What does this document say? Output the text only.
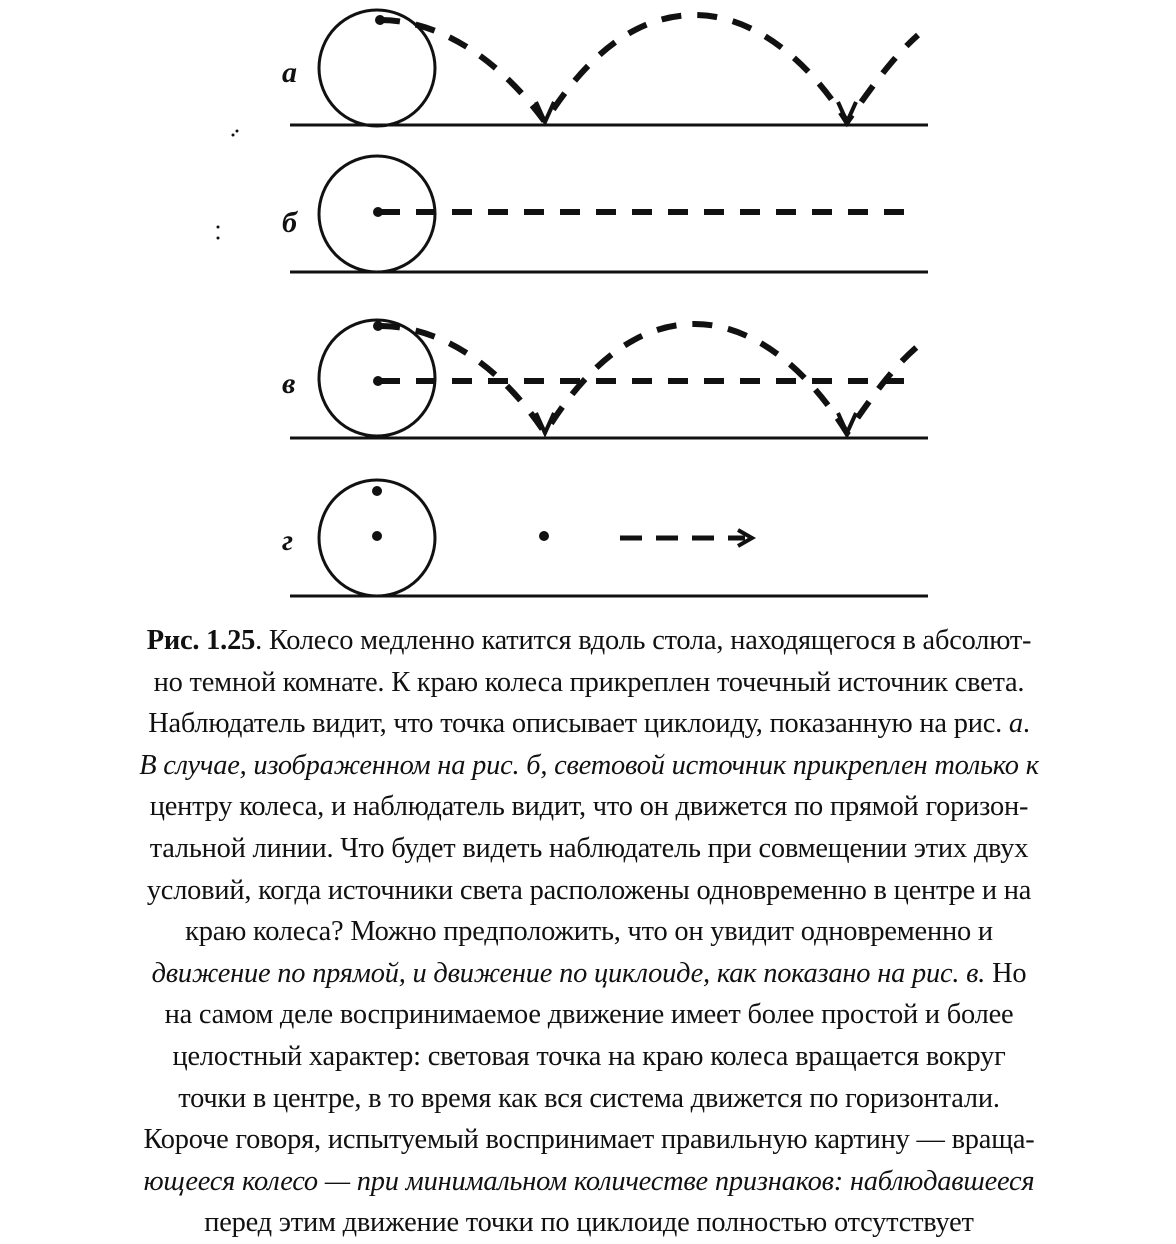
а
б
в
г
Рис. 1.25. Колесо медленно катится вдоль стола, находящегося в абсолют-
но темной комнате. К краю колеса прикреплен точечный источник света.
Наблюдатель видит, что точка описывает циклоиду, показанную на рис. а.
В случае, изображенном на рис. б, световой источник прикреплен только к
центру колеса, и наблюдатель видит, что он движется по прямой горизон-
тальной линии. Что будет видеть наблюдатель при совмещении этих двух
условий, когда источники света расположены одновременно в центре и на
краю колеса? Можно предположить, что он увидит одновременно и
движение по прямой, и движение по циклоиде, как показано на рис. в. Но
на самом деле воспринимаемое движение имеет более простой и более
целостный характер: световая точка на краю колеса вращается вокруг
точки в центре, в то время как вся система движется по горизонтали.
Короче говоря, испытуемый воспринимает правильную картину — враща-
ющееся колесо — при минимальном количестве признаков: наблюдавшееся
перед этим движение точки по циклоиде полностью отсутствует
